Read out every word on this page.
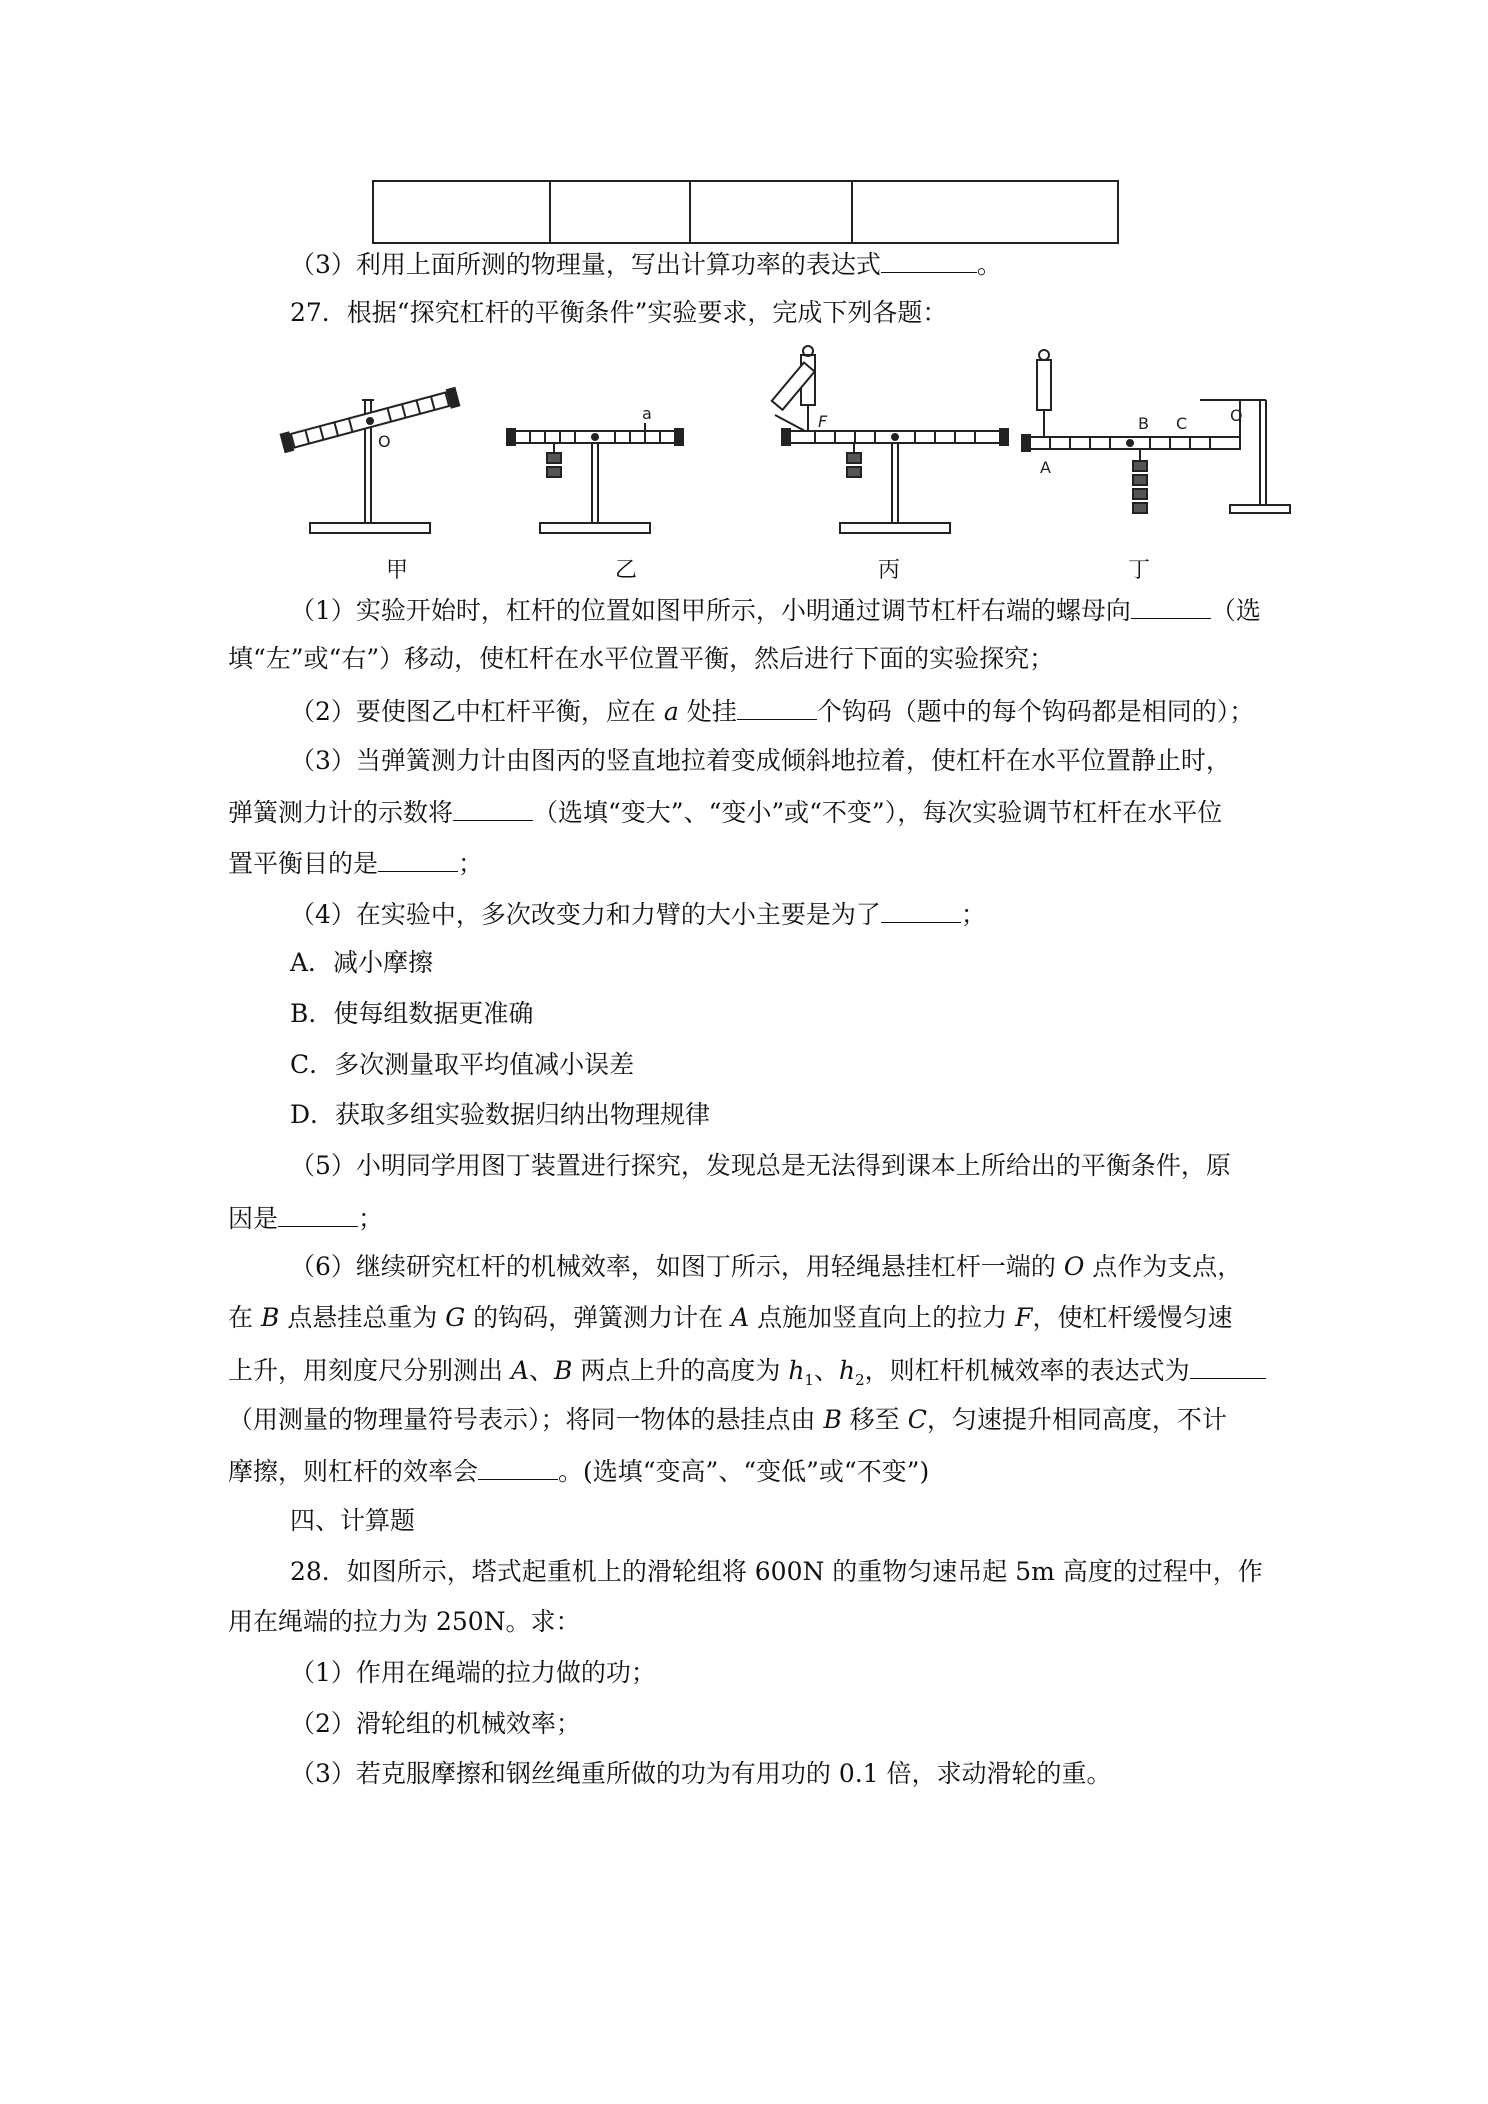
（3）利用上面所测的物理量，写出计算功率的表达式	。
27．根据“探究杠杆的平衡条件”实验要求，完成下列各题：
O
a	F
A
B C	O
甲	乙	丙	丁
（1）实验开始时，杠杆的位置如图甲所示，小明通过调节杠杆右端的螺母向	（选
填“左”或“右”）移动，使杠杆在水平位置平衡，然后进行下面的实验探究；
（2）要使图乙中杠杆平衡，应在 a 处挂	个钩码（题中的每个钩码都是相同的）；
（3）当弹簧测力计由图丙的竖直地拉着变成倾斜地拉着，使杠杆在水平位置静止时，
弹簧测力计的示数将	（选填“变大”、“变小”或“不变”），每次实验调节杠杆在水平位
置平衡目的是	；
（4）在实验中，多次改变力和力臂的大小主要是为了	；
A．减小摩擦
B．使每组数据更准确
C．多次测量取平均值减小误差
D．获取多组实验数据归纳出物理规律
（5）小明同学用图丁装置进行探究，发现总是无法得到课本上所给出的平衡条件，原
因是	；
（6）继续研究杠杆的机械效率，如图丁所示，用轻绳悬挂杠杆一端的 O 点作为支点，
在 B 点悬挂总重为 G 的钩码，弹簧测力计在 A 点施加竖直向上的拉力 F，使杠杆缓慢匀速
上升，用刻度尺分别测出 A、B 两点上升的高度为 $h_1$、$h_2$，则杠杆机械效率的表达式为
（用测量的物理量符号表示）；将同一物体的悬挂点由 B 移至 C，匀速提升相同高度，不计
摩擦，则杠杆的效率会	。(选填“变高”、“变低”或“不变”)
四、计算题
28．如图所示，塔式起重机上的滑轮组将 600N 的重物匀速吊起 5m 高度的过程中，作
用在绳端的拉力为 250N。求：
（1）作用在绳端的拉力做的功；
（2）滑轮组的机械效率；
（3）若克服摩擦和钢丝绳重所做的功为有用功的 0.1 倍，求动滑轮的重。
